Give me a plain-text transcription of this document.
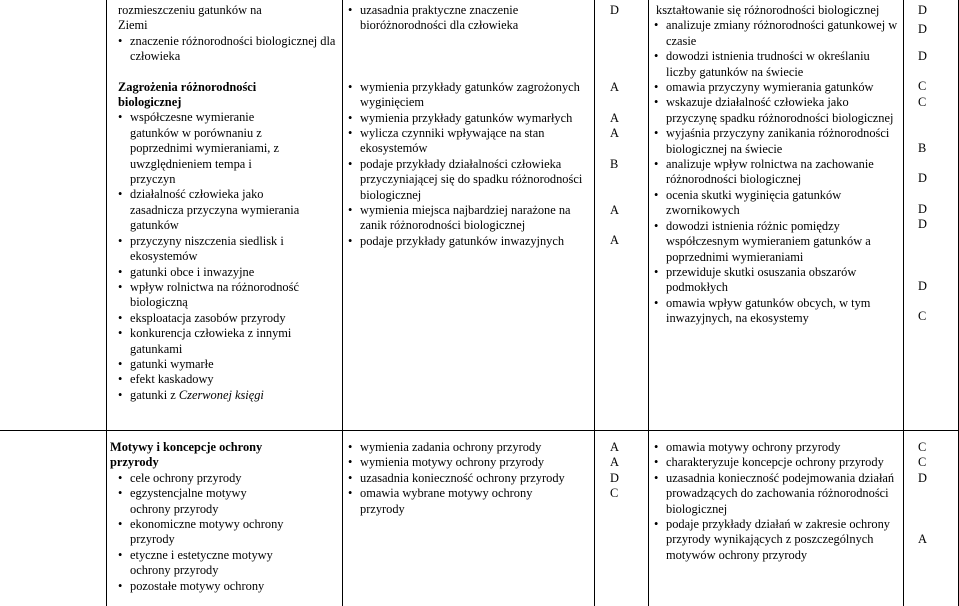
rozmieszczeniu gatunków na

Ziemi

• znaczenie różnorodności biologicznej dla człowieka

Zagrożenia różnorodności biologicznej

• współczesne wymieranie gatunków w porównaniu z poprzednimi wymieraniami, z uwzględnieniem tempa i przyczyn
• działalność człowieka jako zasadnicza przyczyna wymierania gatunków
• przyczyny niszczenia siedlisk i ekosystemów
• gatunki obce i inwazyjne
• wpływ rolnictwa na różnorodność biologiczną
• eksploatacja zasobów przyrody
• konkurencja człowieka z innymi gatunkami
• gatunki wymarłe
• efekt kaskadowy
• gatunki z Czerwonej księgi
• uzasadnia praktyczne znaczenie bioróżnorodności dla człowieka
• wymienia przykłady gatunków zagrożonych wyginięciem
• wymienia przykłady gatunków wymarłych
• wylicza czynniki wpływające na stan ekosystemów
• podaje przykłady działalności człowieka przyczyniającej się do spadku różnorodności biologicznej
• wymienia miejsca najbardziej narażone na zanik różnorodności biologicznej
• podaje przykłady gatunków inwazyjnych

D

A

A

A

B

A

A

kształtowanie się różnorodności biologicznej

• analizuje zmiany różnorodności gatunkowej w czasie
• dowodzi istnienia trudności w określaniu liczby gatunków na świecie
• omawia przyczyny wymierania gatunków
• wskazuje działalność człowieka jako przyczynę spadku różnorodności biologicznej
• wyjaśnia przyczyny zanikania różnorodności biologicznej na świecie
• analizuje wpływ rolnictwa na zachowanie różnorodności biologicznej
• ocenia skutki wyginięcia gatunków zwornikowych
• dowodzi istnienia różnic pomiędzy współczesnym wymieraniem gatunków a poprzednimi wymieraniami
• przewiduje skutki osuszania obszarów podmokłych
• omawia wpływ gatunków obcych, w tym inwazyjnych, na ekosystemy

D

D

D

C

C

B

D

D

D

D

C

Motywy i koncepcje ochrony przyrody

• cele ochrony przyrody
• egzystencjalne motywy ochrony przyrody
• ekonomiczne motywy ochrony przyrody
• etyczne i estetyczne motywy ochrony przyrody
• pozostałe motywy ochrony
• wymienia zadania ochrony przyrody
• wymienia motywy ochrony przyrody
• uzasadnia konieczność ochrony przyrody
• omawia wybrane motywy ochrony przyrody

A

A

D

C

• omawia motywy ochrony przyrody
• charakteryzuje koncepcje ochrony przyrody
• uzasadnia konieczność podejmowania działań prowadzących do zachowania różnorodności biologicznej
• podaje przykłady działań w zakresie ochrony przyrody wynikających z poszczególnych motywów ochrony przyrody

C

C

D

A
